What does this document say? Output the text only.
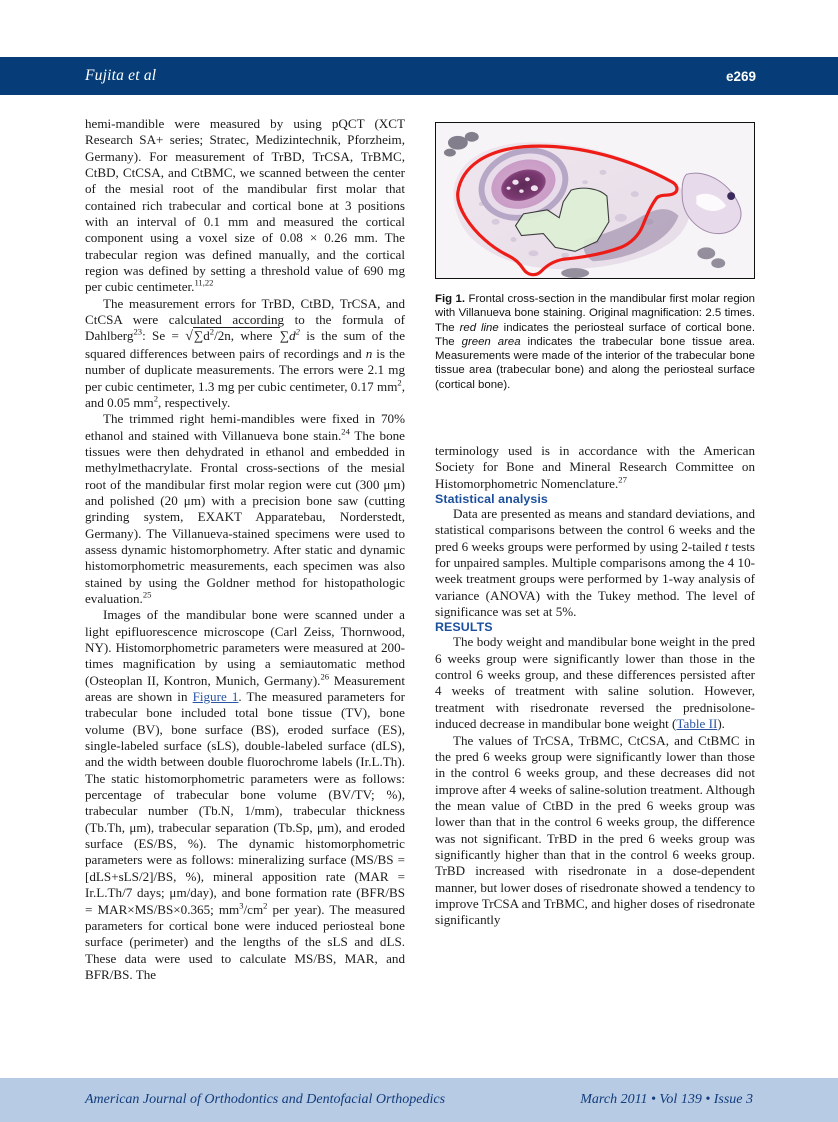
Fujita et al	e269

hemi-mandible were measured by using pQCT (XCT Research SA+ series; Stratec, Medizintechnik, Pforzheim, Germany). For measurement of TrBD, TrCSA, TrBMC, CtBD, CtCSA, and CtBMC, we scanned between the center of the mesial root of the mandibular first molar that contained rich trabecular and cortical bone at 3 positions with an interval of 0.1 mm and measured the cortical component using a voxel size of 0.08 × 0.26 mm. The trabecular region was defined manually, and the cortical region was defined by setting a threshold value of 690 mg per cubic centimeter.$^{11,22}$

The measurement errors for TrBD, CtBD, TrCSA, and CtCSA were calculated according to the formula of Dahlberg$^{23}$: $Se = √\sum d^2/2n$, where $\sum d^2$ is the sum of the squared differences between pairs of recordings and n is the number of duplicate measurements. The errors were 2.1 mg per cubic centimeter, 1.3 mg per cubic centimeter, 0.17 $mm^2$, and 0.05 $mm^2$, respectively.

The trimmed right hemi-mandibles were fixed in 70% ethanol and stained with Villanueva bone stain.$^{24}$ The bone tissues were then dehydrated in ethanol and embedded in methylmethacrylate. Frontal cross-sections of the mesial root of the mandibular first molar region were cut (300 μm) and polished (20 μm) with a precision bone saw (cutting grinding system, EXAKT Apparatebau, Norderstedt, Germany). The Villanueva-stained specimens were used to assess dynamic histomorphometry. After static and dynamic histomorphometric measurements, each specimen was also stained by using the Goldner method for histopathologic evaluation.$^{25}$

Images of the mandibular bone were scanned under a light epifluorescence microscope (Carl Zeiss, Thornwood, NY). Histomorphometric parameters were measured at 200-times magnification by using a semiautomatic method (Osteoplan II, Kontron, Munich, Germany).$^{26}$ Measurement areas are shown in Figure 1. The measured parameters for trabecular bone included total bone tissue (TV), bone volume (BV), bone surface (BS), eroded surface (ES), single-labeled surface (sLS), double-labeled surface (dLS), and the width between double fluorochrome labels (Ir.L.Th). The static histomorphometric parameters were as follows: percentage of trabecular bone volume (BV/TV; %), trabecular number (Tb.N, 1/mm), trabecular thickness (Tb.Th, μm), trabecular separation (Tb.Sp, μm), and eroded surface (ES/BS, %). The dynamic histomorphometric parameters were as follows: mineralizing surface (MS/BS = [dLS+sLS/2]/BS, %), mineral apposition rate (MAR = Ir.L.Th/7 days; μm/day), and bone formation rate (BFR/BS = MAR×MS/BS×0.365; $mm^3/cm^2$ per year). The measured parameters for cortical bone were induced periosteal bone surface (perimeter) and the lengths of the sLS and dLS. These data were used to calculate MS/BS, MAR, and BFR/BS. The

Fig 1. Frontal cross-section in the mandibular first molar region with Villanueva bone staining. Original magnification: 2.5 times. The red line indicates the periosteal surface of cortical bone. The green area indicates the trabecular bone tissue area. Measurements were made of the interior of the trabecular bone tissue area (trabecular bone) and along the periosteal surface (cortical bone).

terminology used is in accordance with the American Society for Bone and Mineral Research Committee on Histomorphometric Nomenclature.$^{27}$

Statistical analysis

Data are presented as means and standard deviations, and statistical comparisons between the control 6 weeks and the pred 6 weeks groups were performed by using 2-tailed t tests for unpaired samples. Multiple comparisons among the 4 10-week treatment groups were performed by 1-way analysis of variance (ANOVA) with the Tukey method. The level of significance was set at 5%.

RESULTS

The body weight and mandibular bone weight in the pred 6 weeks group were significantly lower than those in the control 6 weeks group, and these differences persisted after 4 weeks of treatment with saline solution. However, treatment with risedronate reversed the prednisolone-induced decrease in mandibular bone weight (Table II).

The values of TrCSA, TrBMC, CtCSA, and CtBMC in the pred 6 weeks group were significantly lower than those in the control 6 weeks group, and these decreases did not improve after 4 weeks of saline-solution treatment. Although the mean value of CtBD in the pred 6 weeks group was lower than that in the control 6 weeks group, the difference was not significant. TrBD in the pred 6 weeks group was significantly higher than that in the control 6 weeks group. TrBD increased with risedronate in a dose-dependent manner, but lower doses of risedronate showed a tendency to improve TrCSA and TrBMC, and higher doses of risedronate significantly

American Journal of Orthodontics and Dentofacial Orthopedics	March 2011 • Vol 139 • Issue 3
